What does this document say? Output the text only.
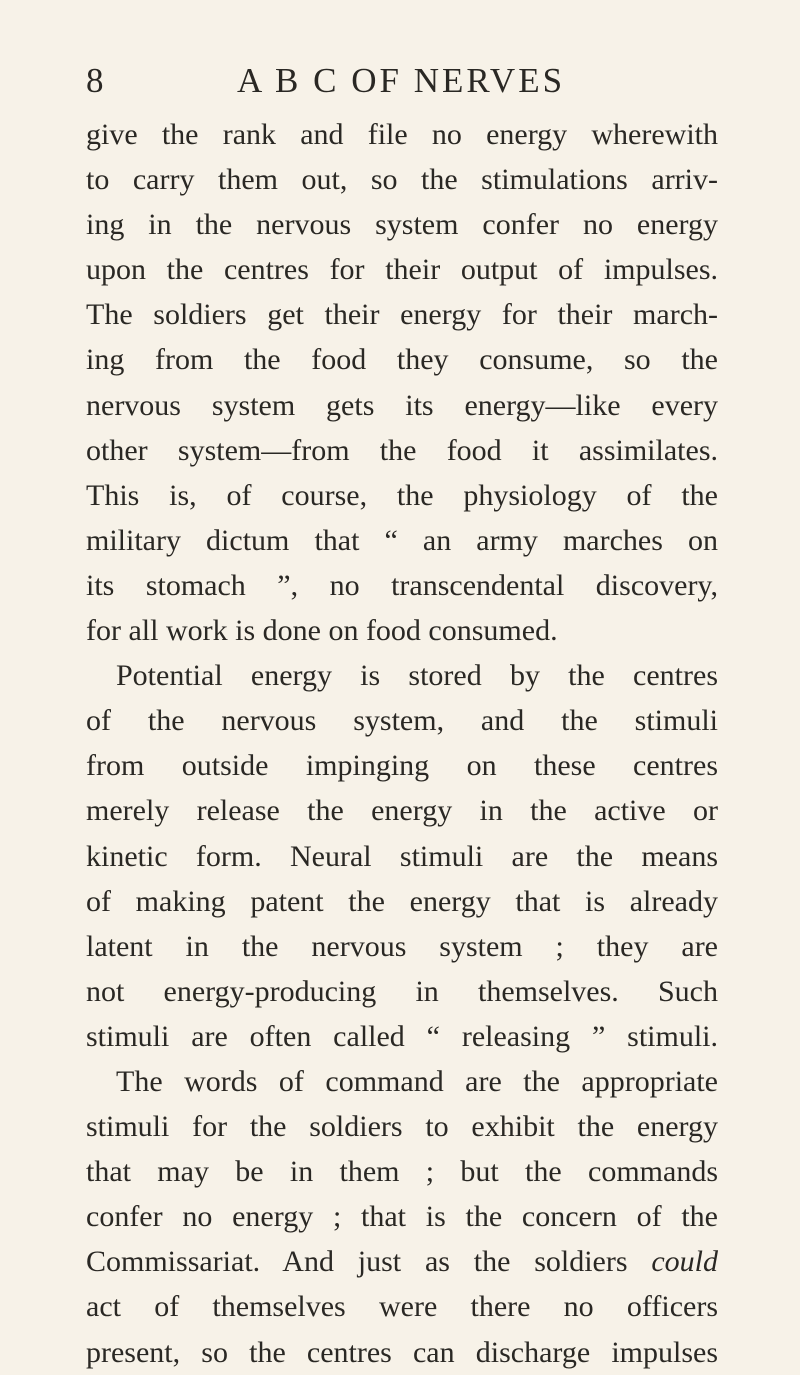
8	A B C OF NERVES
give the rank and file no energy wherewith
to carry them out, so the stimulations arriv-
ing in the nervous system confer no energy
upon the centres for their output of impulses.
The soldiers get their energy for their march-
ing from the food they consume, so the
nervous system gets its energy—like every
other system—from the food it assimilates.
This is, of course, the physiology of the
military dictum that “ an army marches on
its stomach ”, no transcendental discovery,
for all work is done on food consumed.
Potential energy is stored by the centres
of the nervous system, and the stimuli
from outside impinging on these centres
merely release the energy in the active or
kinetic form. Neural stimuli are the means
of making patent the energy that is already
latent in the nervous system ; they are
not energy-producing in themselves. Such
stimuli are often called “ releasing ” stimuli.
The words of command are the appropriate
stimuli for the soldiers to exhibit the energy
that may be in them ; but the commands
confer no energy ; that is the concern of the
Commissariat. And just as the soldiers could
act of themselves were there no officers
present, so the centres can discharge impulses
